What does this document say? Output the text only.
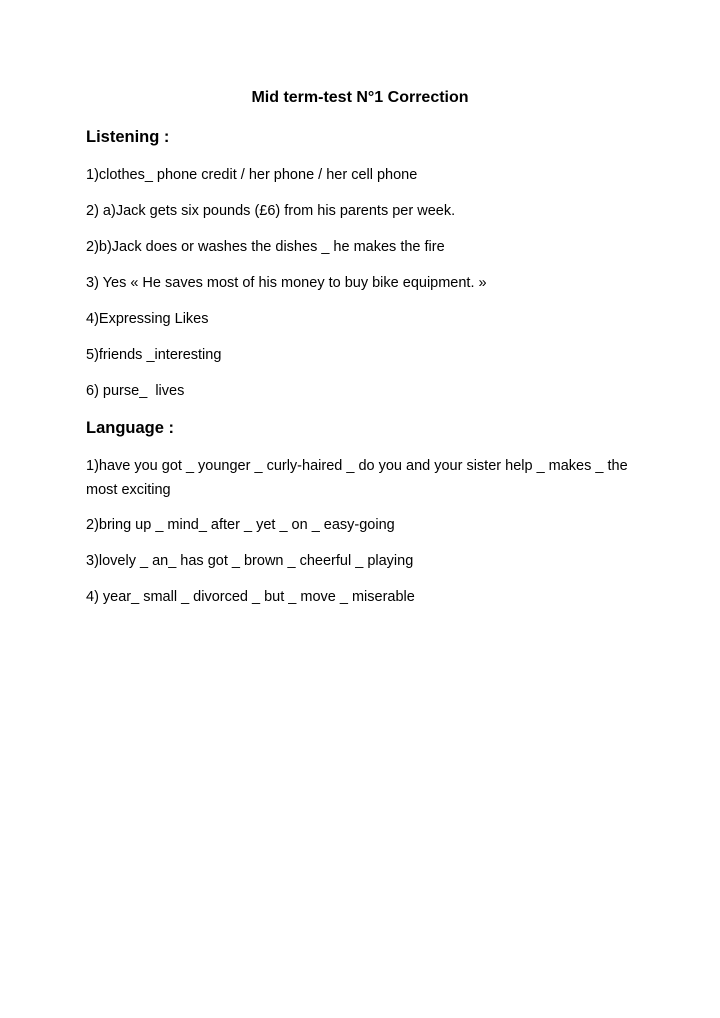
Mid term-test N°1 Correction
Listening :
1)clothes_ phone credit / her phone / her cell phone
2) a)Jack gets six pounds (£6) from his parents per week.
2)b)Jack does or washes the dishes _ he makes the fire
3) Yes « He saves most of his money to buy bike equipment. »
4)Expressing Likes
5)friends _interesting
6) purse_  lives
Language :
1)have you got _ younger _ curly-haired _ do you and your sister help _ makes _ the most exciting
2)bring up _ mind_ after _ yet _ on _ easy-going
3)lovely _ an_ has got _ brown _ cheerful _ playing
4) year_ small _ divorced _ but _ move _ miserable
